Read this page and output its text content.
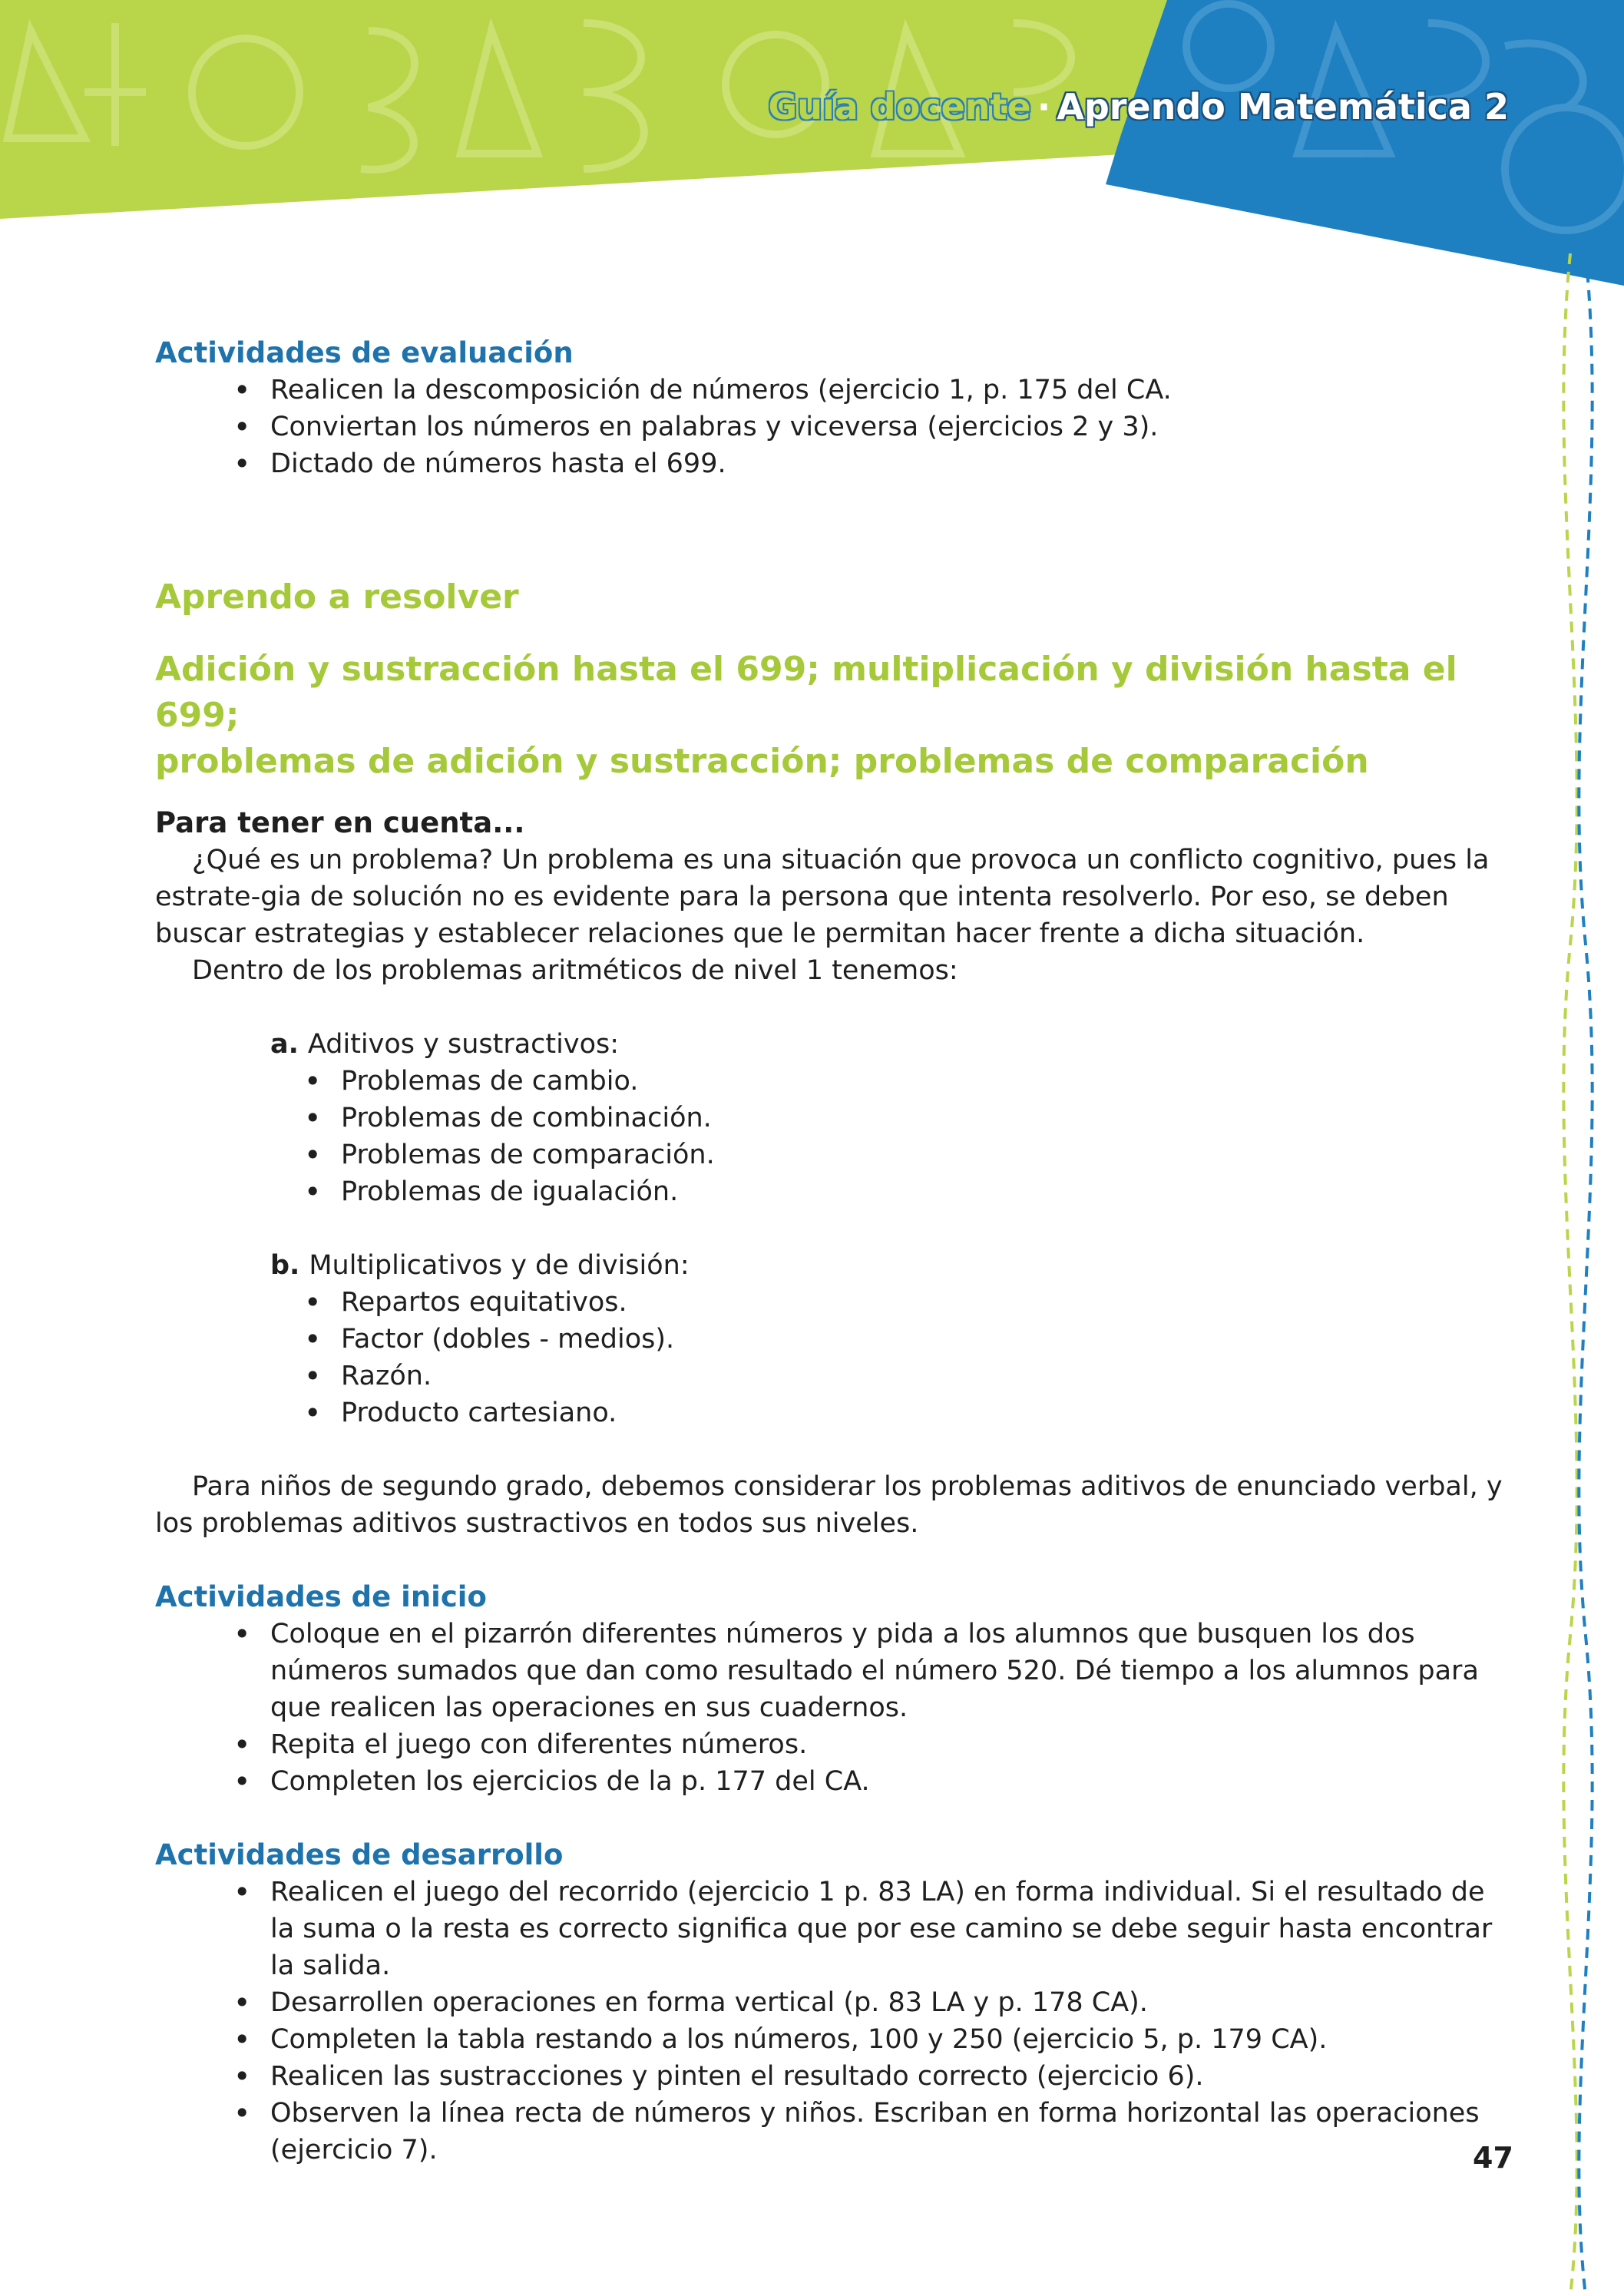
Guía docente · Aprendo Matemática 2
Actividades de evaluación
• Realicen la descomposición de números (ejercicio 1, p. 175 del CA.
• Conviertan los números en palabras y viceversa (ejercicios 2 y 3).
• Dictado de números hasta el 699.
Aprendo a resolver
Adición y sustracción hasta el 699; multiplicación y división hasta el 699;
problemas de adición y sustracción; problemas de comparación
Para tener en cuenta...

¿Qué es un problema? Un problema es una situación que provoca un conflicto cognitivo, pues la estrate-gia de solución no es evidente para la persona que intenta resolverlo. Por eso, se deben buscar estrategias y establecer relaciones que le permitan hacer frente a dicha situación.

Dentro de los problemas aritméticos de nivel 1 tenemos:

a. Aditivos y sustractivos:
• Problemas de cambio.
• Problemas de combinación.
• Problemas de comparación.
• Problemas de igualación.
b. Multiplicativos y de división:
• Repartos equitativos.
• Factor (dobles - medios).
• Razón.
• Producto cartesiano.

Para niños de segundo grado, debemos considerar los problemas aditivos de enunciado verbal, y los problemas aditivos sustractivos en todos sus niveles.

Actividades de inicio
• Coloque en el pizarrón diferentes números y pida a los alumnos que busquen los dos números sumados que dan como resultado el número 520. Dé tiempo a los alumnos para que realicen las operaciones en sus cuadernos.
• Repita el juego con diferentes números.
• Completen los ejercicios de la p. 177 del CA.
Actividades de desarrollo
• Realicen el juego del recorrido (ejercicio 1 p. 83 LA) en forma individual. Si el resultado de la suma o la resta es correcto significa que por ese camino se debe seguir hasta encontrar la salida.
• Desarrollen operaciones en forma vertical (p. 83 LA y p. 178 CA).
• Completen la tabla restando a los números, 100 y 250 (ejercicio 5, p. 179 CA).
• Realicen las sustracciones y pinten el resultado correcto (ejercicio 6).
• Observen la línea recta de números y niños. Escriban en forma horizontal las operaciones (ejercicio 7).	47
